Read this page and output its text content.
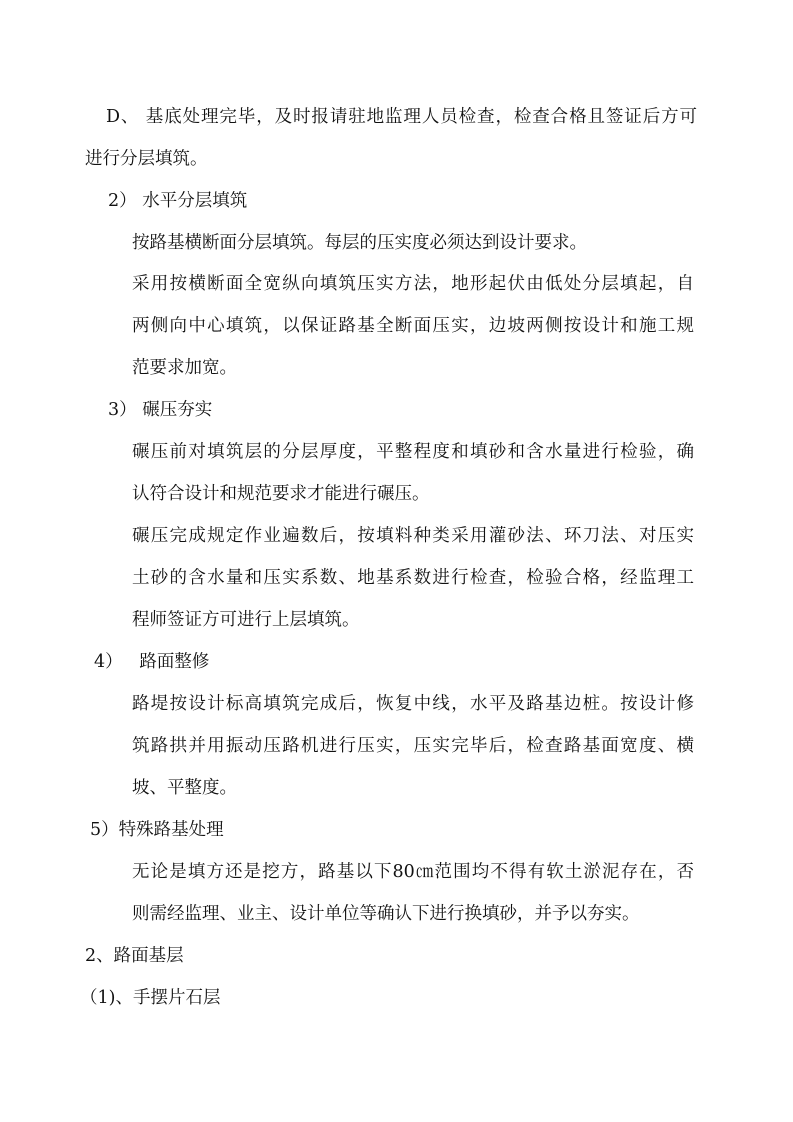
D、 基底处理完毕，及时报请驻地监理人员检查，检查合格且签证后方可
进行分层填筑。
2） 水平分层填筑
按路基横断面分层填筑。每层的压实度必须达到设计要求。
采用按横断面全宽纵向填筑压实方法，地形起伏由低处分层填起，自
两侧向中心填筑，以保证路基全断面压实，边坡两侧按设计和施工规
范要求加宽。
3） 碾压夯实
碾压前对填筑层的分层厚度，平整程度和填砂和含水量进行检验，确
认符合设计和规范要求才能进行碾压。
碾压完成规定作业遍数后，按填料种类采用灌砂法、环刀法、对压实
土砂的含水量和压实系数、地基系数进行检查，检验合格，经监理工
程师签证方可进行上层填筑。
4）   路面整修
路堤按设计标高填筑完成后，恢复中线，水平及路基边桩。按设计修
筑路拱并用振动压路机进行压实，压实完毕后，检查路基面宽度、横
坡、平整度。
5）特殊路基处理
无论是填方还是挖方，路基以下80㎝范围均不得有软土淤泥存在，否
则需经监理、业主、设计单位等确认下进行换填砂，并予以夯实。
2、路面基层
（1)、手摆片石层
